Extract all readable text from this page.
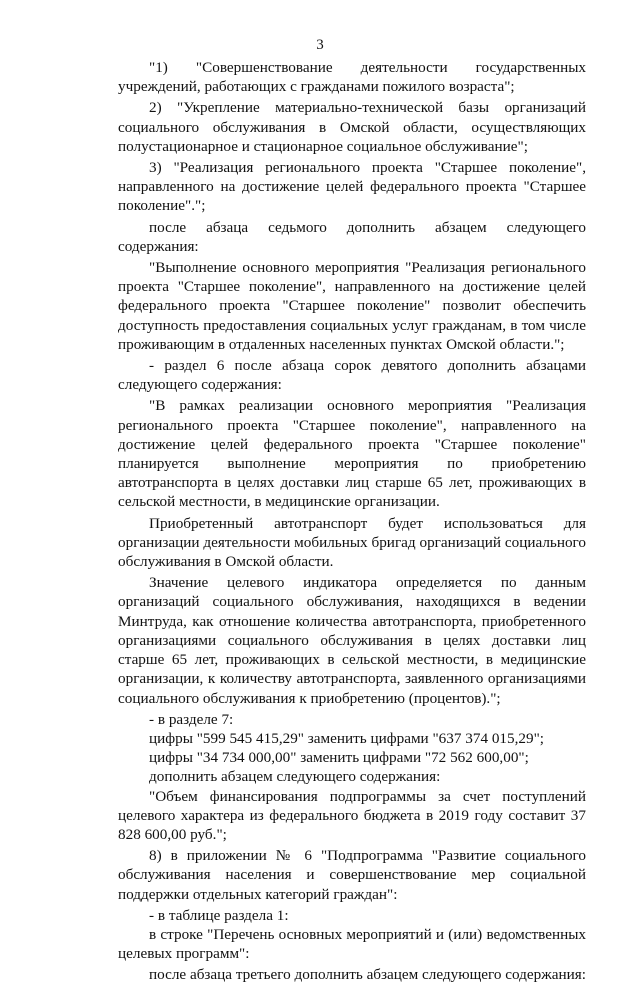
3

"1) "Совершенствование деятельности государственных учреждений, работающих с гражданами пожилого возраста";

2) "Укрепление материально-технической базы организаций социального обслуживания в Омской области, осуществляющих полустационарное и стационарное социальное обслуживание";

3) "Реализация регионального проекта "Старшее поколение", направленного на достижение целей федерального проекта "Старшее поколение".";

после абзаца седьмого дополнить абзацем следующего содержания:

"Выполнение основного мероприятия "Реализация регионального проекта "Старшее поколение", направленного на достижение целей федерального проекта "Старшее поколение" позволит обеспечить доступность предоставления социальных услуг гражданам, в том числе проживающим в отдаленных населенных пунктах Омской области.";

- раздел 6 после абзаца сорок девятого дополнить абзацами следующего содержания:

"В рамках реализации основного мероприятия "Реализация регионального проекта "Старшее поколение", направленного на достижение целей федерального проекта "Старшее поколение" планируется выполнение мероприятия по приобретению автотранспорта в целях доставки лиц старше 65 лет, проживающих в сельской местности, в медицинские организации.

Приобретенный автотранспорт будет использоваться для организации деятельности мобильных бригад организаций социального обслуживания в Омской области.

Значение целевого индикатора определяется по данным организаций социального обслуживания, находящихся в ведении Минтруда, как отношение количества автотранспорта, приобретенного организациями социального обслуживания в целях доставки лиц старше 65 лет, проживающих в сельской местности, в медицинские организации, к количеству автотранспорта, заявленного организациями социального обслуживания к приобретению (процентов).";

- в разделе 7:

цифры "599 545 415,29" заменить цифрами "637 374 015,29";

цифры "34 734 000,00" заменить цифрами "72 562 600,00";

дополнить абзацем следующего содержания:

"Объем финансирования подпрограммы за счет поступлений целевого характера из федерального бюджета в 2019 году составит 37 828 600,00 руб.";

8) в приложении № 6 "Подпрограмма "Развитие социального обслуживания населения и совершенствование мер социальной поддержки отдельных категорий граждан":

- в таблице раздела 1:

в строке "Перечень основных мероприятий и (или) ведомственных целевых программ":

после абзаца третьего дополнить абзацем следующего содержания:
